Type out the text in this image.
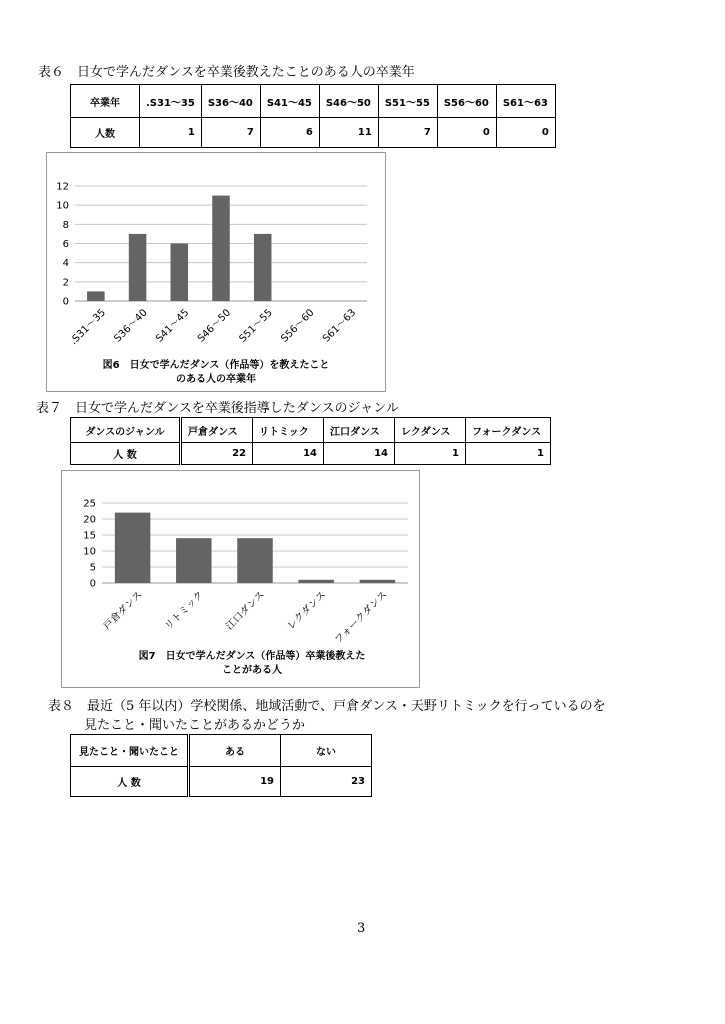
表６　日女で学んだダンスを卒業後教えたことのある人の卒業年
卒業年	.S31～35	S36～40	S41～45	S46～50	S51～55	S56～60	S61～63
人数	1	7	6	11	7	0	0
0
2
4
6
8
10
12
.S31～35 S36～40 S41～45 S46～50 S51～55 S56～60 S61～63
図6　日女で学んだダンス（作品等）を教えたこと
のある人の卒業年
表７　日女で学んだダンスを卒業後指導したダンスのジャンル
ダンスのジャンル	戸倉ダンス	リトミック	江口ダンス	レクダンス	フォークダンス
人 数	22	14	14	1	1
0
5
10
15
20
25
戸倉ダンス リトミック 江口ダンス レクダンス フォークダンス
図7　日女で学んだダンス（作品等）卒業後教えた
ことがある人
表８　最近（5 年以内）学校関係、地域活動で、戸倉ダンス・天野リトミックを行っているのを
見たこと・聞いたことがあるかどうか
見たこと・聞いたこと	ある	ない
人 数	19	23
3
